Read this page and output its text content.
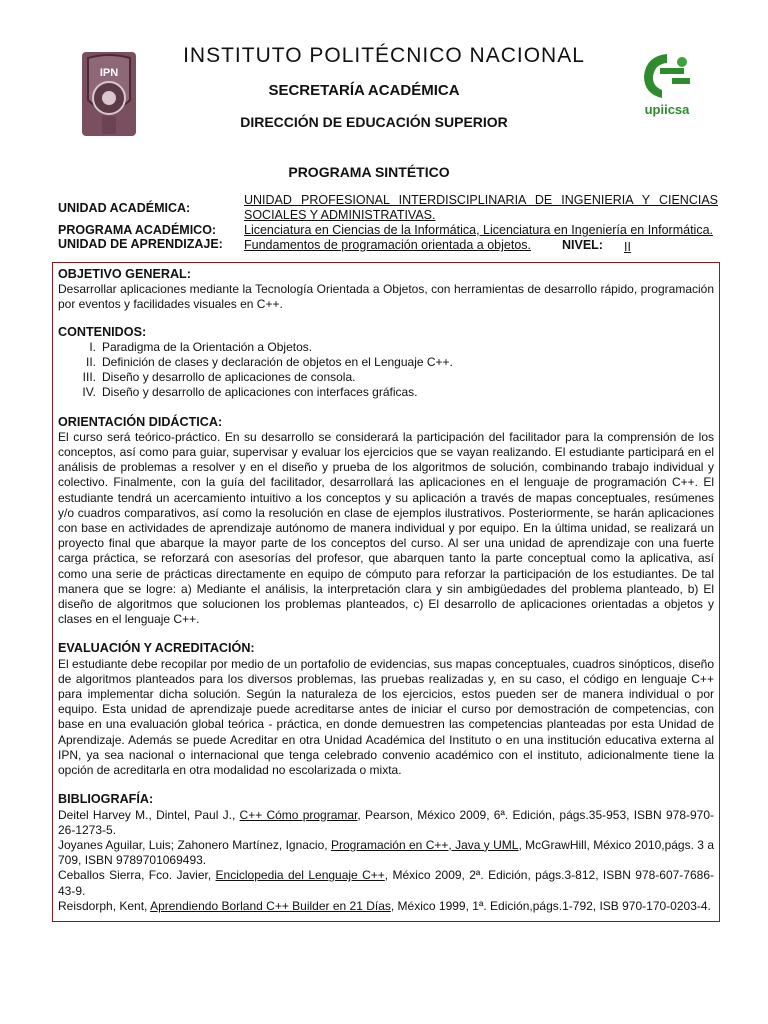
IPN
upiicsa
INSTITUTO POLITÉCNICO NACIONAL
SECRETARÍA ACADÉMICA
DIRECCIÓN DE EDUCACIÓN SUPERIOR
PROGRAMA SINTÉTICO
UNIDAD ACADÉMICA:
UNIDAD PROFESIONAL INTERDISCIPLINARIA DE INGENIERIA Y CIENCIAS SOCIALES Y ADMINISTRATIVAS.
PROGRAMA ACADÉMICO: Licenciatura en Ciencias de la Informática, Licenciatura en Ingeniería en Informática.
UNIDAD DE APRENDIZAJE: Fundamentos de programación orientada a objetos.	NIVEL: II
OBJETIVO GENERAL:

Desarrollar aplicaciones mediante la Tecnología Orientada a Objetos, con herramientas de desarrollo rápido, programación por eventos y facilidades visuales en C++.

CONTENIDOS:
I. Paradigma de la Orientación a Objetos.
II. Definición de clases y declaración de objetos en el Lenguaje C++.
III. Diseño y desarrollo de aplicaciones de consola.
IV. Diseño y desarrollo de aplicaciones con interfaces gráficas.
ORIENTACIÓN DIDÁCTICA:

El curso será teórico-práctico. En su desarrollo se considerará la participación del facilitador para la comprensión de los conceptos, así como para guiar, supervisar y evaluar los ejercicios que se vayan realizando. El estudiante participará en el análisis de problemas a resolver y en el diseño y prueba de los algoritmos de solución, combinando trabajo individual y colectivo. Finalmente, con la guía del facilitador, desarrollará las aplicaciones en el lenguaje de programación C++. El estudiante tendrá un acercamiento intuitivo a los conceptos y su aplicación a través de mapas conceptuales, resúmenes y/o cuadros comparativos, así como la resolución en clase de ejemplos ilustrativos. Posteriormente, se harán aplicaciones con base en actividades de aprendizaje autónomo de manera individual y por equipo. En la última unidad, se realizará un proyecto final que abarque la mayor parte de los conceptos del curso. Al ser una unidad de aprendizaje con una fuerte carga práctica, se reforzará con asesorías del profesor, que abarquen tanto la parte conceptual como la aplicativa, así como una serie de prácticas directamente en equipo de cómputo para reforzar la participación de los estudiantes. De tal manera que se logre: a) Mediante el análisis, la interpretación clara y sin ambigüedades del problema planteado, b) El diseño de algoritmos que solucionen los problemas planteados, c) El desarrollo de aplicaciones orientadas a objetos y clases en el lenguaje C++.

EVALUACIÓN Y ACREDITACIÓN:

El estudiante debe recopilar por medio de un portafolio de evidencias, sus mapas conceptuales, cuadros sinópticos, diseño de algoritmos planteados para los diversos problemas, las pruebas realizadas y, en su caso, el código en lenguaje C++ para implementar dicha solución. Según la naturaleza de los ejercicios, estos pueden ser de manera individual o por equipo. Esta unidad de aprendizaje puede acreditarse antes de iniciar el curso por demostración de competencias, con base en una evaluación global teórica - práctica, en donde demuestren las competencias planteadas por esta Unidad de Aprendizaje. Además se puede Acreditar en otra Unidad Académica del Instituto o en una institución educativa externa al IPN, ya sea nacional o internacional que tenga celebrado convenio académico con el instituto, adicionalmente tiene la opción de acreditarla en otra modalidad no escolarizada o mixta.

BIBLIOGRAFÍA:

Deitel Harvey M., Dintel, Paul J., C++ Cómo programar, Pearson, México 2009, 6ª. Edición, págs.35-953, ISBN 978-970-26-1273-5.

Joyanes Aguilar, Luis; Zahonero Martínez, Ignacio, Programación en C++, Java y UML, McGrawHill, México 2010,págs. 3 a 709, ISBN 9789701069493.

Ceballos Sierra, Fco. Javier, Enciclopedia del Lenguaje C++, México 2009, 2ª. Edición, págs.3-812, ISBN 978-607-7686-43-9.

Reisdorph, Kent, Aprendiendo Borland C++ Builder en 21 Días, México 1999, 1ª. Edición,págs.1-792, ISB 970-170-0203-4.
